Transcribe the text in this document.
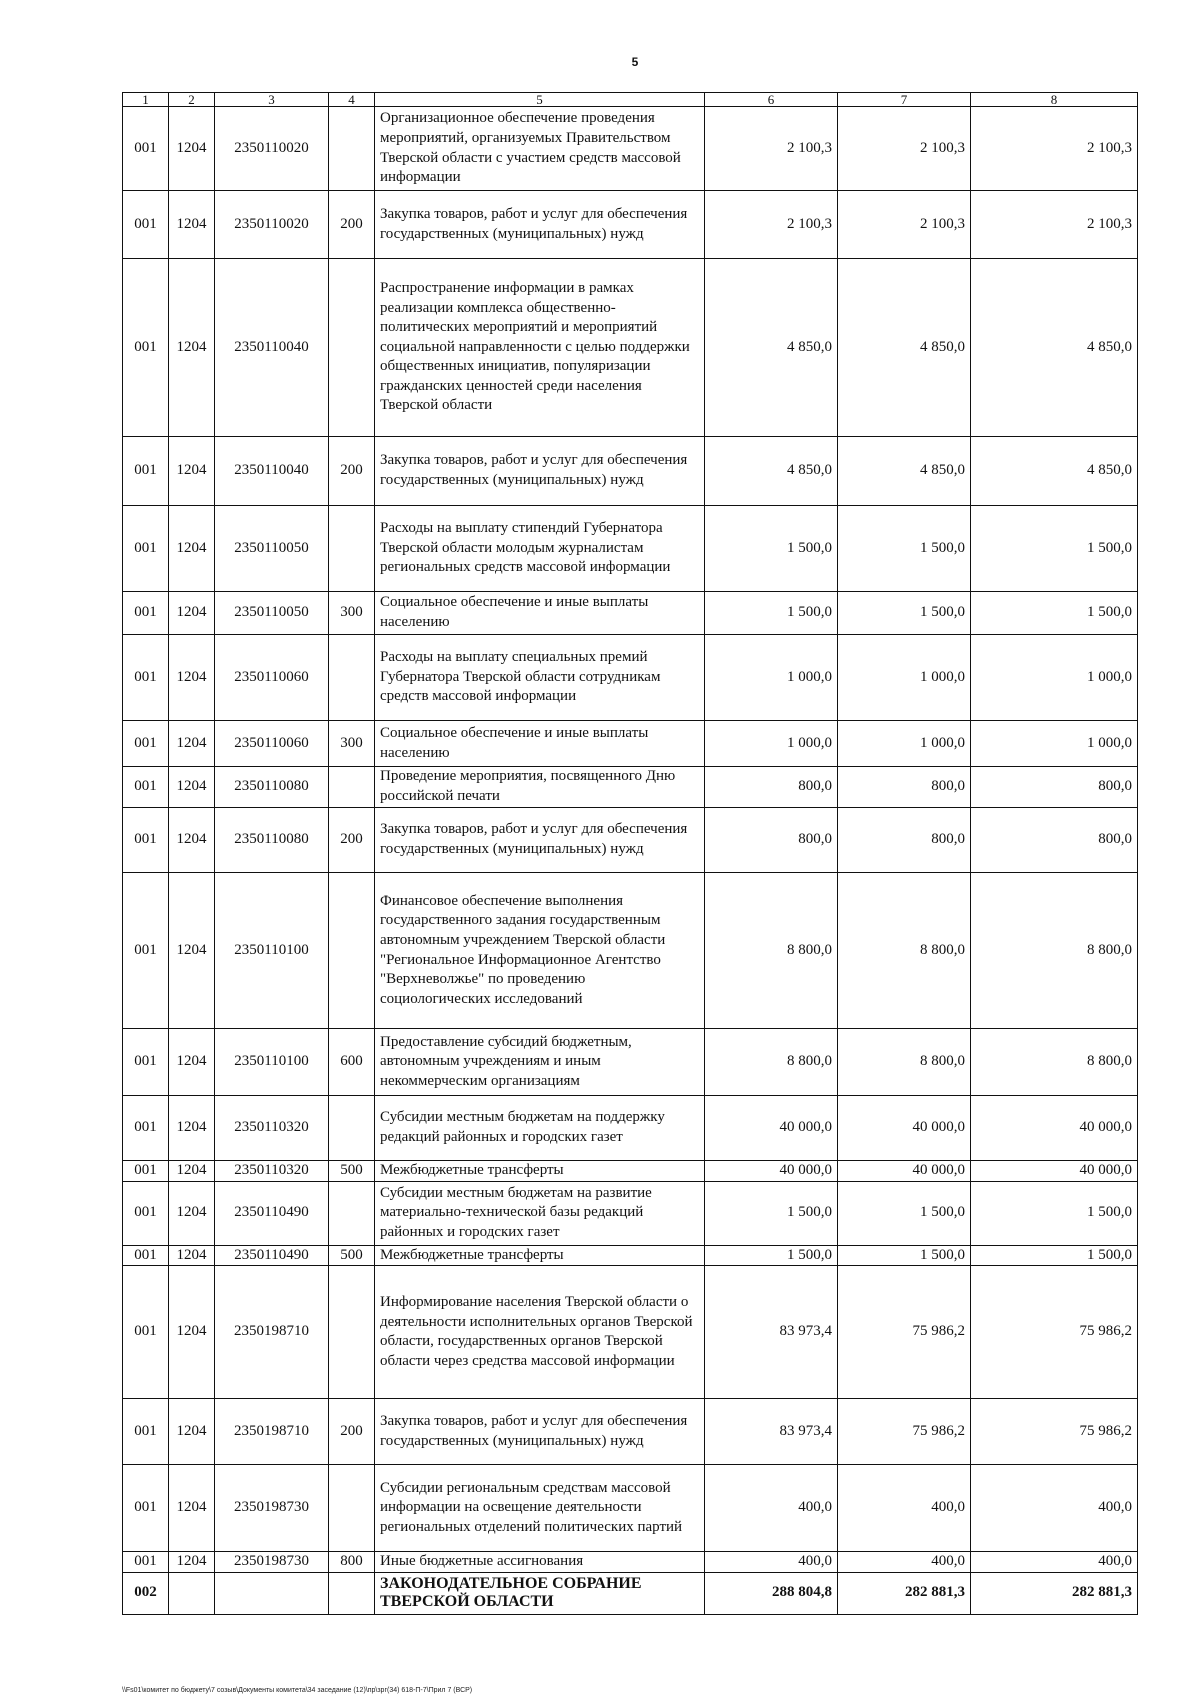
5
1	2	3	4	5	6	7	8
001	1204	2350110020		Организационное обеспечение проведения мероприятий, организуемых Правительством Тверской области с участием средств массовой информации	2 100,3	2 100,3	2 100,3
001	1204	2350110020	200	Закупка товаров, работ и услуг для обеспечения государственных (муниципальных) нужд	2 100,3	2 100,3	2 100,3
001	1204	2350110040		Распространение информации в рамках реализации комплекса общественно-политических мероприятий и мероприятий социальной направленности с целью поддержки общественных инициатив, популяризации гражданских ценностей среди населения Тверской области	4 850,0	4 850,0	4 850,0
001	1204	2350110040	200	Закупка товаров, работ и услуг для обеспечения государственных (муниципальных) нужд	4 850,0	4 850,0	4 850,0
001	1204	2350110050		Расходы на выплату стипендий Губернатора Тверской области молодым журналистам региональных средств массовой информации	1 500,0	1 500,0	1 500,0
001	1204	2350110050	300	Социальное обеспечение и иные выплаты населению	1 500,0	1 500,0	1 500,0
001	1204	2350110060		Расходы на выплату специальных премий Губернатора Тверской области сотрудникам средств массовой информации	1 000,0	1 000,0	1 000,0
001	1204	2350110060	300	Социальное обеспечение и иные выплаты населению	1 000,0	1 000,0	1 000,0
001	1204	2350110080		Проведение мероприятия, посвященного Дню российской печати	800,0	800,0	800,0
001	1204	2350110080	200	Закупка товаров, работ и услуг для обеспечения государственных (муниципальных) нужд	800,0	800,0	800,0
001	1204	2350110100		Финансовое обеспечение выполнения государственного задания государственным автономным учреждением Тверской области "Региональное Информационное Агентство "Верхневолжье" по проведению социологических исследований	8 800,0	8 800,0	8 800,0
001	1204	2350110100	600	Предоставление субсидий бюджетным, автономным учреждениям и иным некоммерческим организациям	8 800,0	8 800,0	8 800,0
001	1204	2350110320		Субсидии местным бюджетам на поддержку редакций районных и городских газет	40 000,0	40 000,0	40 000,0
001	1204	2350110320	500	Межбюджетные трансферты	40 000,0	40 000,0	40 000,0
001	1204	2350110490		Субсидии местным бюджетам на развитие материально-технической базы редакций районных и городских газет	1 500,0	1 500,0	1 500,0
001	1204	2350110490	500	Межбюджетные трансферты	1 500,0	1 500,0	1 500,0
001	1204	2350198710		Информирование населения Тверской области о деятельности исполнительных органов Тверской области, государственных органов Тверской области через средства массовой информации	83 973,4	75 986,2	75 986,2
001	1204	2350198710	200	Закупка товаров, работ и услуг для обеспечения государственных (муниципальных) нужд	83 973,4	75 986,2	75 986,2
001	1204	2350198730		Субсидии региональным средствам массовой информации на освещение деятельности региональных отделений политических партий	400,0	400,0	400,0
001	1204	2350198730	800	Иные бюджетные ассигнования	400,0	400,0	400,0
002				ЗАКОНОДАТЕЛЬНОЕ СОБРАНИЕ ТВЕРСКОЙ ОБЛАСТИ	288 804,8	282 881,3	282 881,3
\\Fs01\комитет по бюджету\7 созыв\Документы комитета\34 заседание (12)\пр\зрг(34) 618-П-7\Прил 7 (ВСР)
